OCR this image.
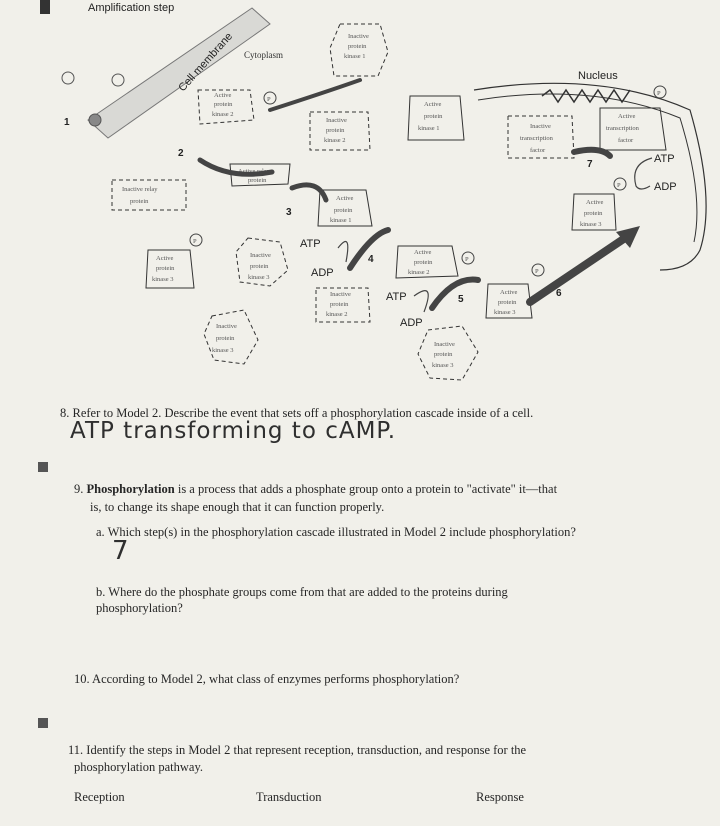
Amplification step
Cell membrane Cytoplasm
1
2
3
4
5
6
7
Active
protein
kinase 2
P
Inactive
protein
kinase 1
Inactive
protein
kinase 2
Active
protein
kinase 1
Active relay
protein
Inactive relay
protein	Active
protein
kinase 1
Active
protein
kinase 3
P
Inactive
protein
kinase 3
ATP
ADP
Active
protein
kinase 2
P
Inactive
protein
kinase 2
ATP
ADP
Active
protein
kinase 3
P
Inactive
protein
kinase 3
Inactive
protein
kinase 3
Nucleus
P
Inactive
transcription
factor
Active
transcription
factor
ATP
ADP
P
Active
protein
kinase 3
8. Refer to Model 2. Describe the event that sets off a phosphorylation cascade inside of a cell.
ATP transforming to cAMP.
9. Phosphorylation is a process that adds a phosphate group onto a protein to "activate" it—that
is, to change its shape enough that it can function properly.
a. Which step(s) in the phosphorylation cascade illustrated in Model 2 include phosphorylation?
7
b. Where do the phosphate groups come from that are added to the proteins during
phosphorylation?
10. According to Model 2, what class of enzymes performs phosphorylation?
11. Identify the steps in Model 2 that represent reception, transduction, and response for the
phosphorylation pathway.
Reception	Transduction	Response
